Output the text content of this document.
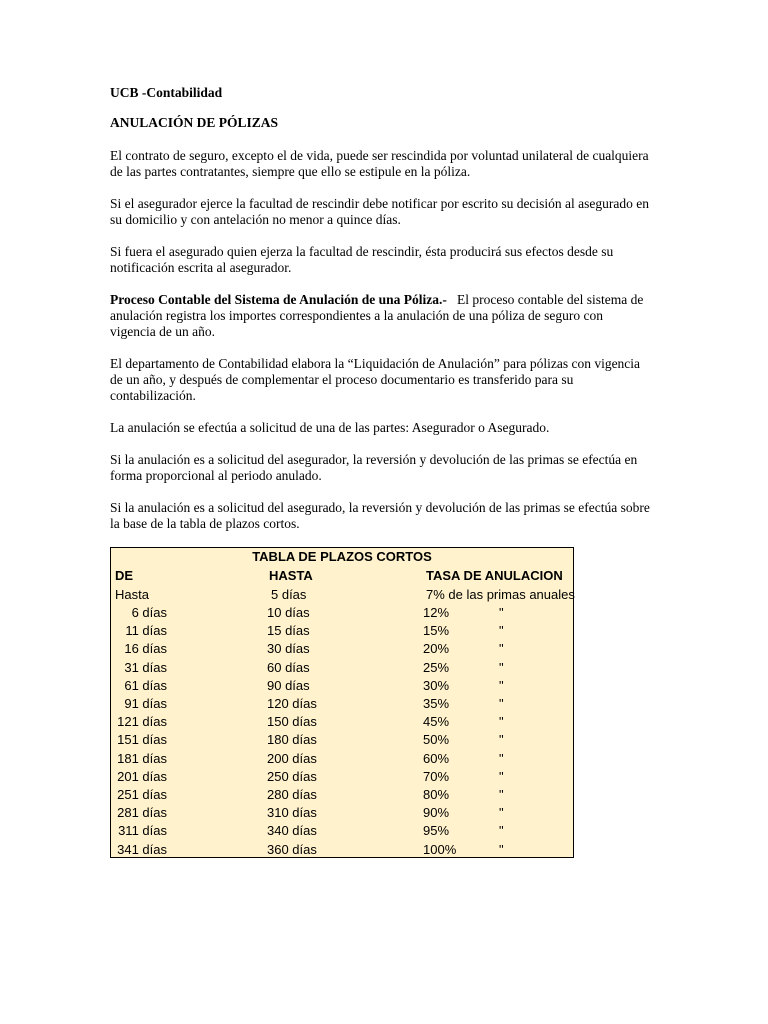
UCB -Contabilidad
ANULACIÓN DE PÓLIZAS

El contrato de seguro, excepto el de vida, puede ser rescindida por voluntad unilateral de cualquiera de las partes contratantes, siempre que ello se estipule en la póliza.

Si el asegurador ejerce la facultad de rescindir debe notificar por escrito su decisión al asegurado en su domicilio y con antelación no menor a quince días.

Si fuera el asegurado quien ejerza la facultad de rescindir, ésta producirá sus efectos desde su notificación escrita al asegurador.

Proceso Contable del Sistema de Anulación de una Póliza.- El proceso contable del sistema de anulación registra los importes correspondientes a la anulación de una póliza de seguro con vigencia de un año.

El departamento de Contabilidad elabora la “Liquidación de Anulación” para pólizas con vigencia de un año, y después de complementar el proceso documentario es transferido para su contabilización.

La anulación se efectúa a solicitud de una de las partes: Asegurador o Asegurado.

Si la anulación es a solicitud del asegurador, la reversión y devolución de las primas se efectúa en forma proporcional al periodo anulado.

Si la anulación es a solicitud del asegurado, la reversión y devolución de las primas se efectúa sobre la base de la tabla de plazos cortos.

TABLA DE PLAZOS CORTOS
DE	HASTA	TASA DE ANULACION
Hasta	5 días	7% de las primas anuales
6 días	10 días	12%	"
11 días	15 días	15%	"
16 días	30 días	20%	"
31 días	60 días	25%	"
61 días	90 días	30%	"
91 días	120 días	35%	"
121 días	150 días	45%	"
151 días	180 días	50%	"
181 días	200 días	60%	"
201 días	250 días	70%	"
251 días	280 días	80%	"
281 días	310 días	90%	"
311 días	340 días	95%	"
341 días	360 días	100%	"
